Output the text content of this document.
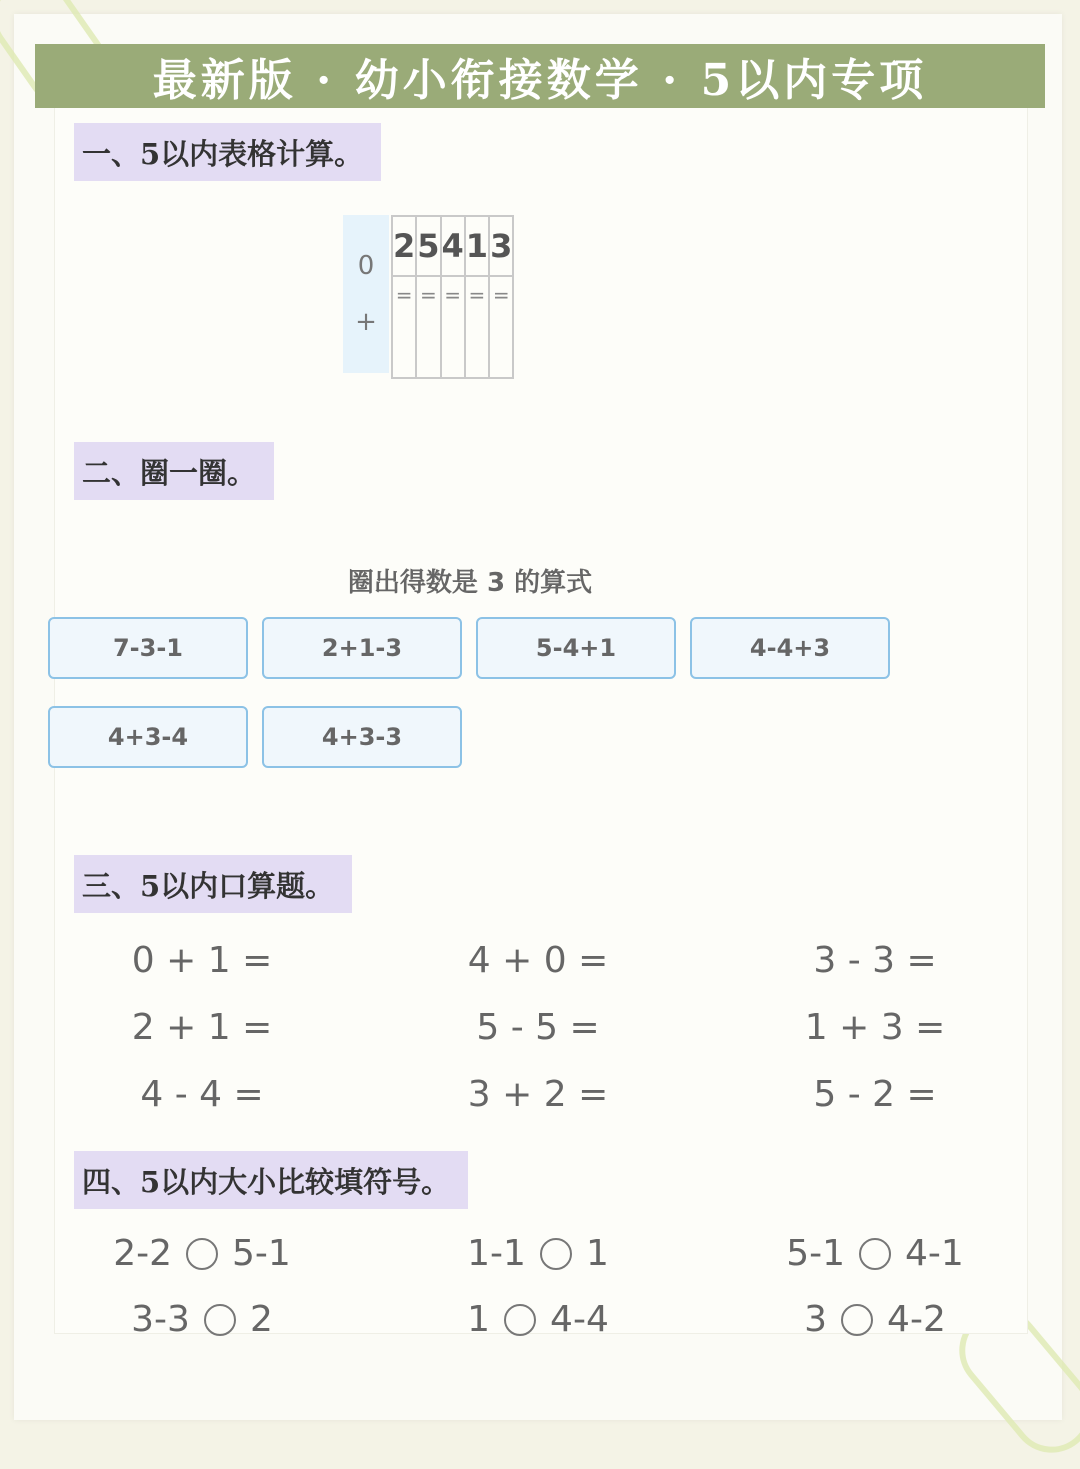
最新版 · 幼小衔接数学 · 5以内专项
一、5以内表格计算。
0
+
2	5	4	1	3
=	=	=	=	=
二、圈一圈。
圈出得数是 3 的算式
7-3-1	2+1-3	5-4+1	4-4+3
4+3-4	4+3-3
三、5以内口算题。
0 + 1 =	4 + 0 =	3 - 3 =
2 + 1 =	5 - 5 =	1 + 3 =
4 - 4 =	3 + 2 =	5 - 2 =
四、5以内大小比较填符号。
2-2 5-1	1-1 1	5-1 4-1
3-3 2	1 4-4	3 4-2
